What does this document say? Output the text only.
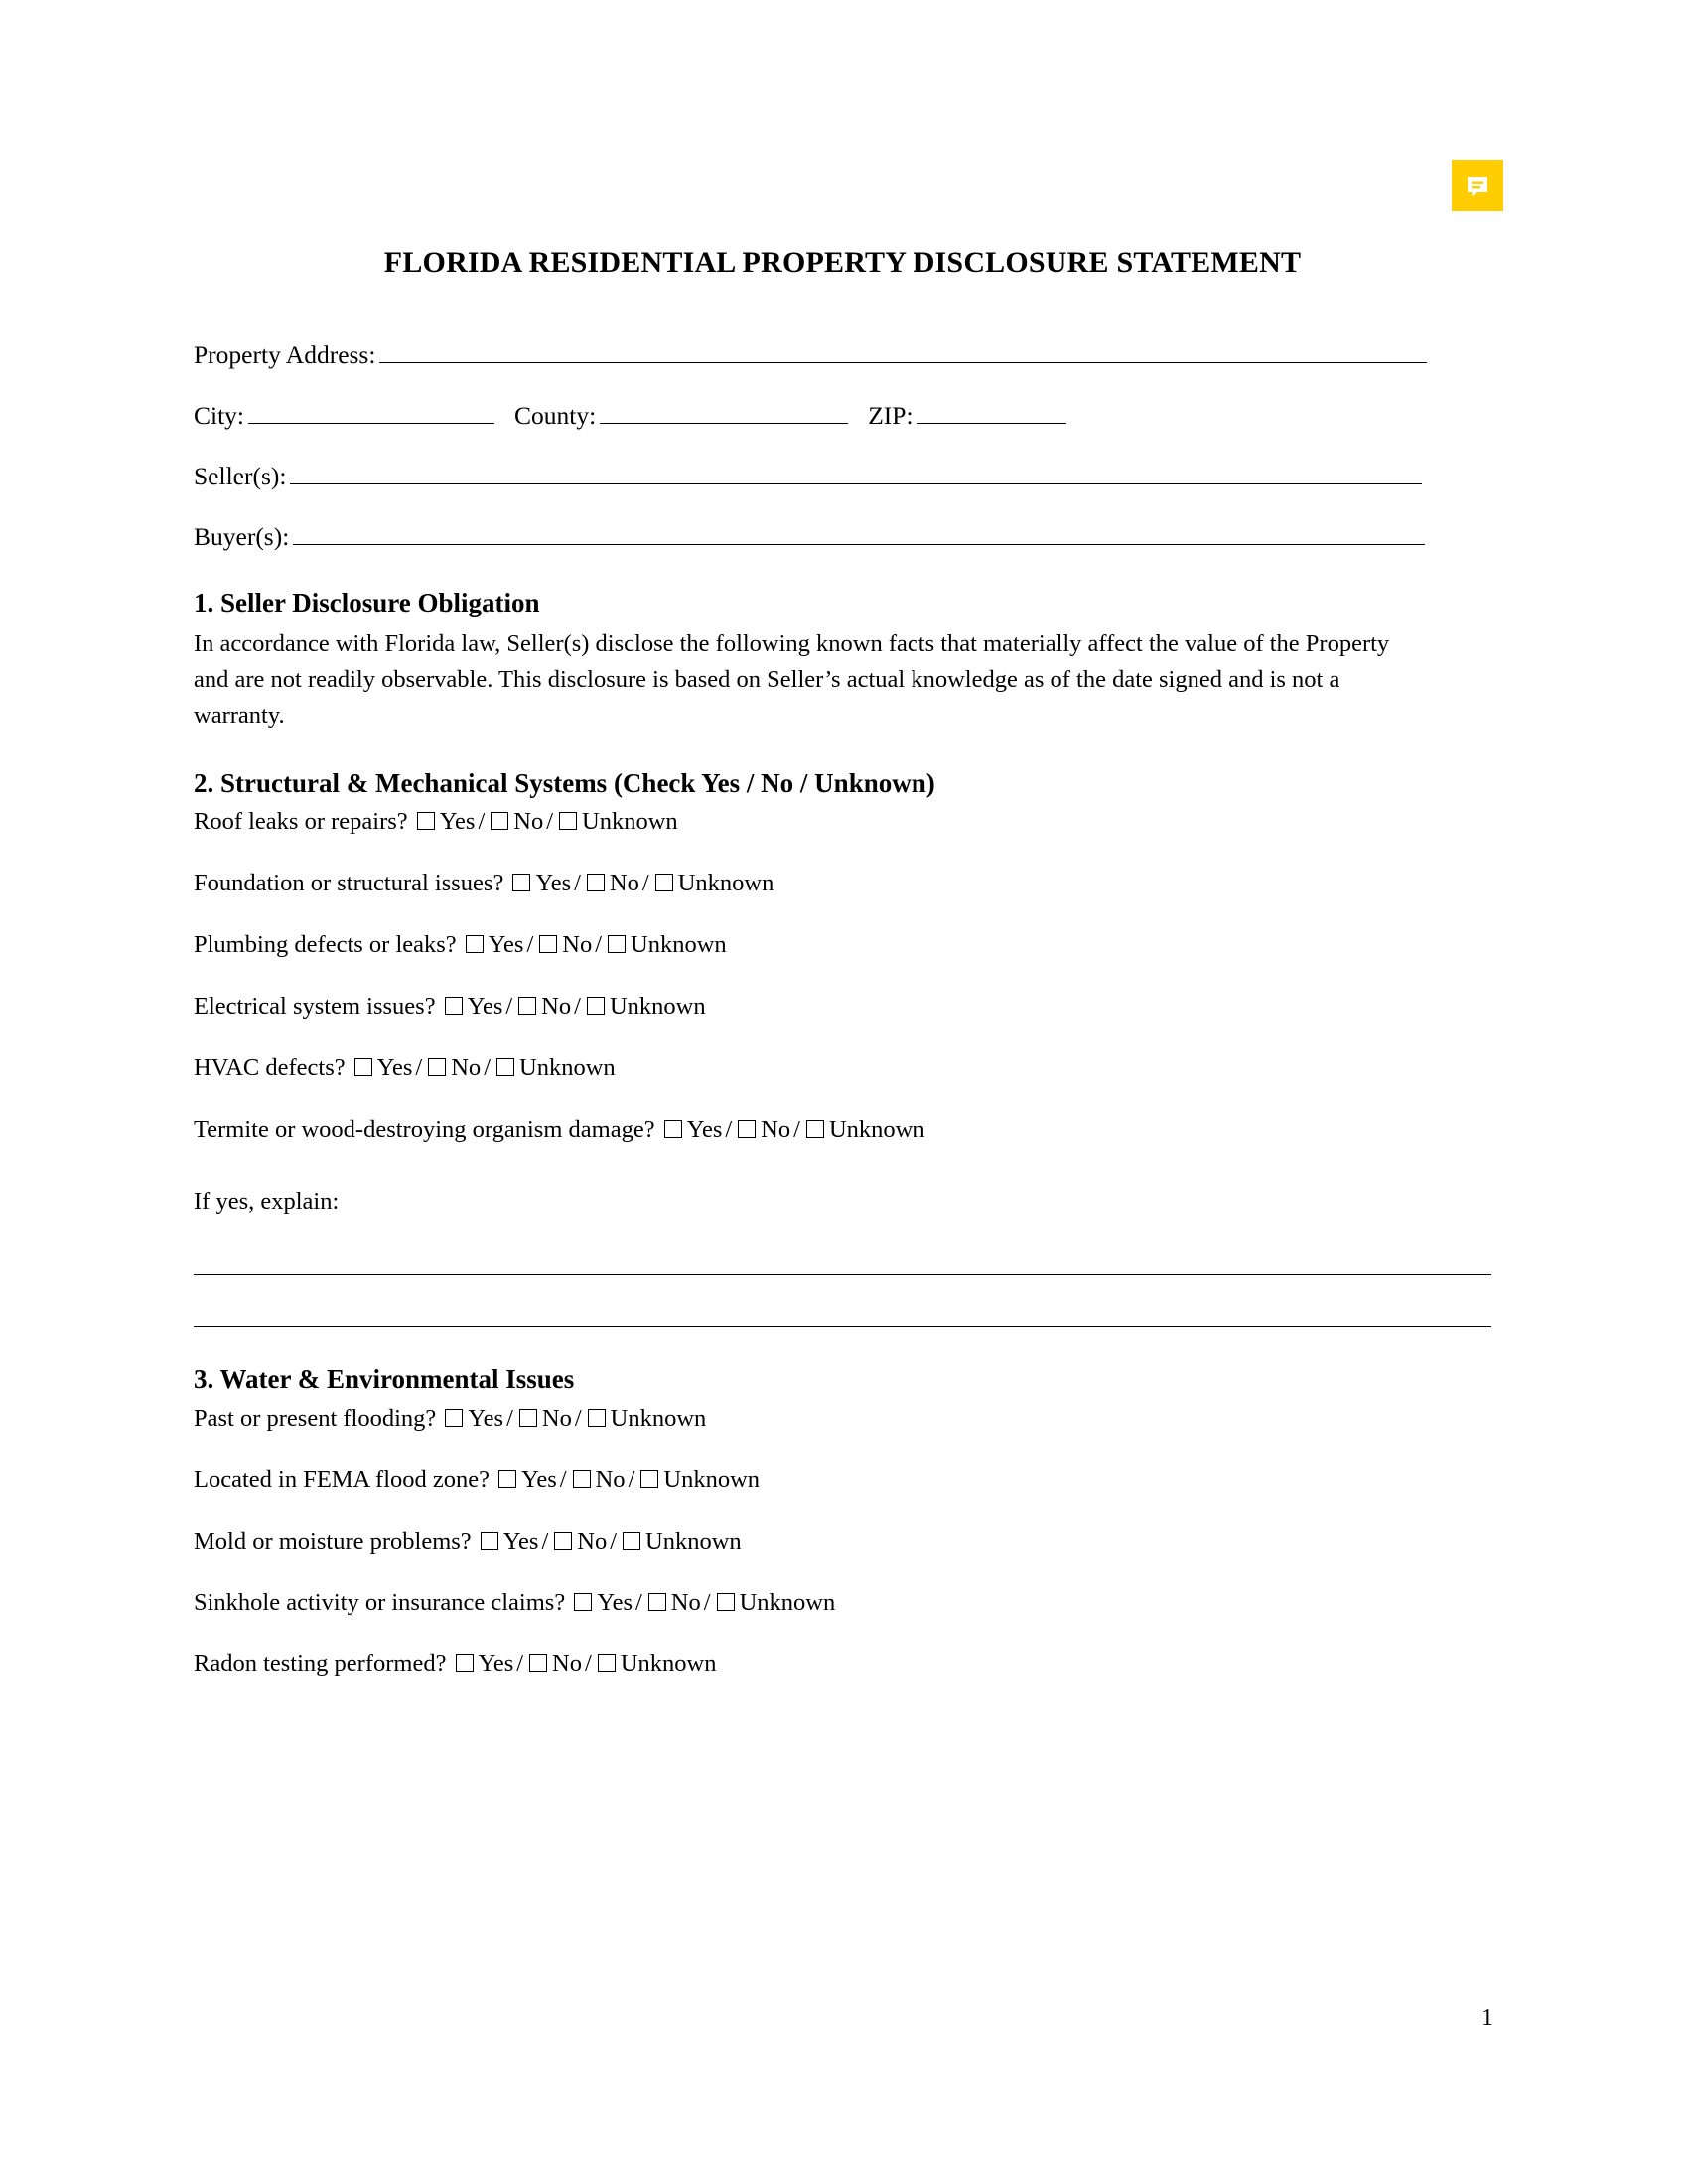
FLORIDA RESIDENTIAL PROPERTY DISCLOSURE STATEMENT
Property Address:
City:	County:	ZIP:
Seller(s):
Buyer(s):
1. Seller Disclosure Obligation

In accordance with Florida law, Seller(s) disclose the following known facts that materially affect the value of the Property and are not readily observable. This disclosure is based on Seller’s actual knowledge as of the date signed and is not a warranty.

2. Structural & Mechanical Systems (Check Yes / No / Unknown)
Roof leaks or repairs? Yes / No / Unknown
Foundation or structural issues? Yes / No / Unknown
Plumbing defects or leaks? Yes / No / Unknown
Electrical system issues? Yes / No / Unknown
HVAC defects? Yes / No / Unknown
Termite or wood-destroying organism damage? Yes / No / Unknown
If yes, explain:
3. Water & Environmental Issues
Past or present flooding? Yes / No / Unknown
Located in FEMA flood zone? Yes / No / Unknown
Mold or moisture problems? Yes / No / Unknown
Sinkhole activity or insurance claims? Yes / No / Unknown
Radon testing performed? Yes / No / Unknown
1
